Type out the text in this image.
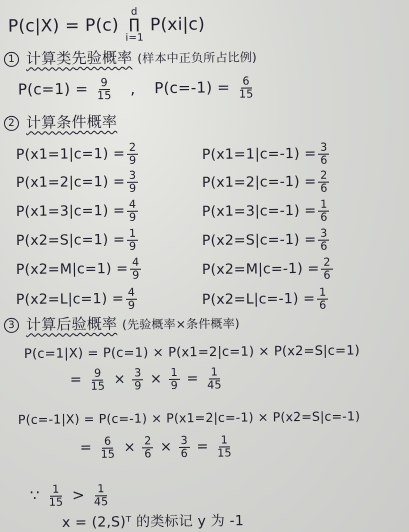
P(c|X) = P(c)
d
∏
i=1
P(xi|c)
1 计算类先验概率 (样本中正负所占比例)
$P(c=1) = \frac{9}{15}$ , $P(c=-1) = \frac{6}{15}$
2 计算条件概率
$P(x1=1|c=1) = \frac{2}{9}$	$P(x1=1|c=-1) = \frac{3}{6}$
$P(x1=2|c=1) = \frac{3}{9}$	$P(x1=2|c=-1) = \frac{2}{6}$
$P(x1=3|c=1) = \frac{4}{9}$	$P(x1=3|c=-1) = \frac{1}{6}$
$P(x2=S|c=1) = \frac{1}{9}$	$P(x2=S|c=-1) = \frac{3}{6}$
$P(x2=M|c=1) = \frac{4}{9}$	$P(x2=M|c=-1) = \frac{2}{6}$
$P(x2=L|c=1) = \frac{4}{9}$	$P(x2=L|c=-1) = \frac{1}{6}$
3 计算后验概率 (先验概率×条件概率)
P(c=1|X) = P(c=1) × P(x1=2|c=1) × P(x2=S|c=1)
= $\frac{9}{15} \times \frac{3}{9} \times \frac{1}{9} = \frac{1}{45}$
P(c=-1|X) = P(c=-1) × P(x1=2|c=-1) × P(x2=S|c=-1)
= $\frac{6}{15} \times \frac{2}{6} \times \frac{3}{6} = \frac{1}{15}$
∵ $\frac{1}{15} > \frac{1}{45}$
x = (2,S)ᵀ 的类标记 y 为 -1
